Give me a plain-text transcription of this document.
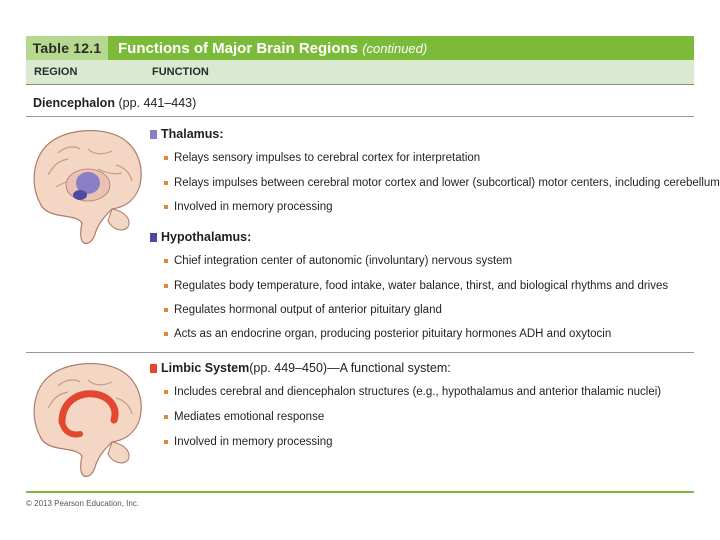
Table 12.1	Functions of Major Brain Regions (continued)
REGION	FUNCTION
Diencephalon (pp. 441–443)
Thalamus:
Relays sensory impulses to cerebral cortex for interpretation
Relays impulses between cerebral motor cortex and lower (subcortical) motor centers, including cerebellum
Involved in memory processing
Hypothalamus:
Chief integration center of autonomic (involuntary) nervous system
Regulates body temperature, food intake, water balance, thirst, and biological rhythms and drives
Regulates hormonal output of anterior pituitary gland
Acts as an endocrine organ, producing posterior pituitary hormones ADH and oxytocin
Limbic System (pp. 449–450)—A functional system:
Includes cerebral and diencephalon structures (e.g., hypothalamus and anterior thalamic nuclei)
Mediates emotional response
Involved in memory processing
© 2013 Pearson Education, Inc.
